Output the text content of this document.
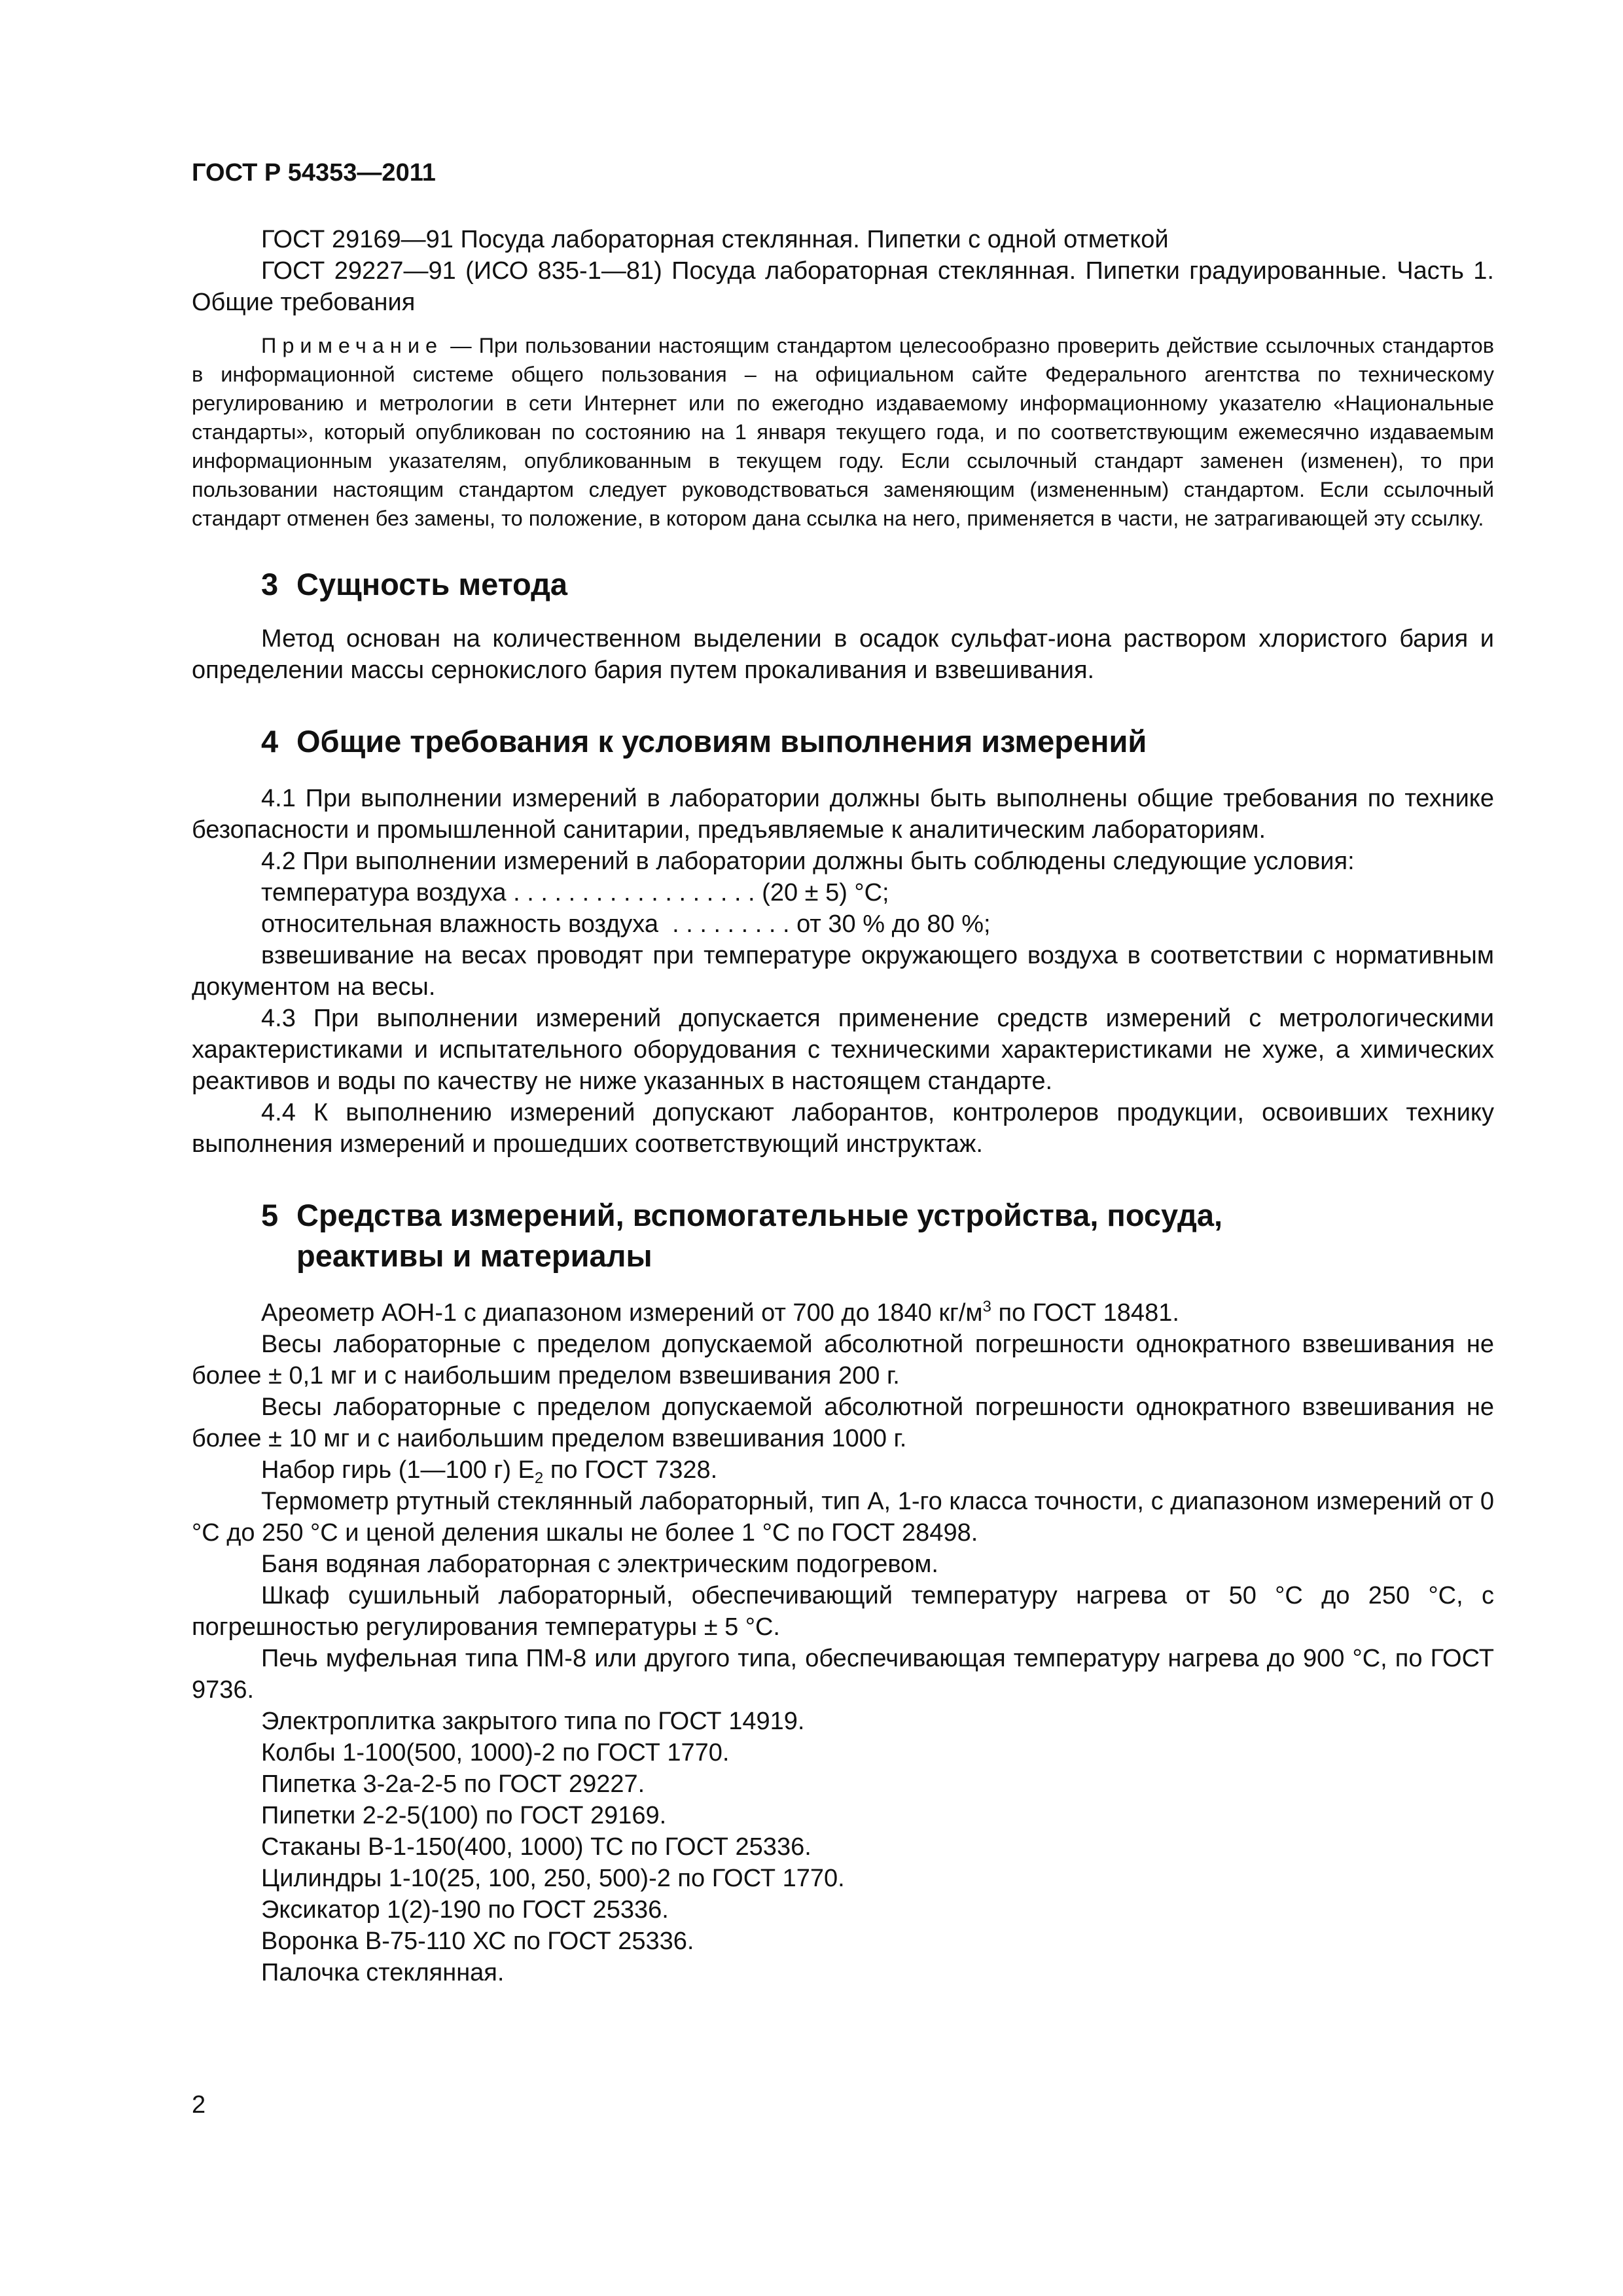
ГОСТ Р 54353—2011

ГОСТ 29169—91 Посуда лабораторная стеклянная. Пипетки с одной отметкой

ГОСТ 29227—91 (ИСО 835-1—81) Посуда лабораторная стеклянная. Пипетки градуированные. Часть 1. Общие требования

Примечание — При пользовании настоящим стандартом целесообразно проверить действие ссылочных стандартов в информационной системе общего пользования – на официальном сайте Федерального агентства по техническому регулированию и метрологии в сети Интернет или по ежегодно издаваемому информационному указателю «Национальные стандарты», который опубликован по состоянию на 1 января текущего года, и по соответствующим ежемесячно издаваемым информационным указателям, опубликованным в текущем году. Если ссылочный стандарт заменен (изменен), то при пользовании настоящим стандартом следует руководствоваться заменяющим (измененным) стандартом. Если ссылочный стандарт отменен без замены, то положение, в котором дана ссылка на него, применяется в части, не затрагивающей эту ссылку.

3 Сущность метода

Метод основан на количественном выделении в осадок сульфат-иона раствором хлористого бария и определении массы сернокислого бария путем прокаливания и взвешивания.

4 Общие требования к условиям выполнения измерений

4.1 При выполнении измерений в лаборатории должны быть выполнены общие требования по технике безопасности и промышленной санитарии, предъявляемые к аналитическим лабораториям.

4.2 При выполнении измерений в лаборатории должны быть соблюдены следующие условия:

температура воздуха . . . . . . . . . . . . . . . . . . (20 ± 5) °С;

относительная влажность воздуха  . . . . . . . . . от 30 % до 80 %;

взвешивание на весах проводят при температуре окружающего воздуха в соответствии с нормативным документом на весы.

4.3 При выполнении измерений допускается применение средств измерений с метрологическими характеристиками и испытательного оборудования с техническими характеристиками не хуже, а химических реактивов и воды по качеству не ниже указанных в настоящем стандарте.

4.4 К выполнению измерений допускают лаборантов, контролеров продукции, освоивших технику выполнения измерений и прошедших соответствующий инструктаж.

5 Средства измерений, вспомогательные устройства, посуда,
реактивы и материалы

Ареометр АОН-1 с диапазоном измерений от 700 до 1840 $кг/м^3$ по ГОСТ 18481.

Весы лабораторные с пределом допускаемой абсолютной погрешности однократного взвешивания не более ± 0,1 мг и с наибольшим пределом взвешивания 200 г.

Весы лабораторные с пределом допускаемой абсолютной погрешности однократного взвешивания не более ± 10 мг и с наибольшим пределом взвешивания 1000 г.

Набор гирь (1—100 г) $Е_2$ по ГОСТ 7328.

Термометр ртутный стеклянный лабораторный, тип А, 1-го класса точности, с диапазоном измерений от 0 °С до 250 °С и ценой деления шкалы не более 1 °С по ГОСТ 28498.

Баня водяная лабораторная с электрическим подогревом.

Шкаф сушильный лабораторный, обеспечивающий температуру нагрева от 50 °С до 250 °С, с погрешностью регулирования температуры ± 5 °С.

Печь муфельная типа ПМ-8 или другого типа, обеспечивающая температуру нагрева до 900 °С, по ГОСТ 9736.

Электроплитка закрытого типа по ГОСТ 14919.

Колбы 1-100(500, 1000)-2 по ГОСТ 1770.

Пипетка 3-2а-2-5 по ГОСТ 29227.

Пипетки 2-2-5(100) по ГОСТ 29169.

Стаканы В-1-150(400, 1000) ТС по ГОСТ 25336.

Цилиндры 1-10(25, 100, 250, 500)-2 по ГОСТ 1770.

Эксикатор 1(2)-190 по ГОСТ 25336.

Воронка В-75-110 ХС по ГОСТ 25336.

Палочка стеклянная.

2
